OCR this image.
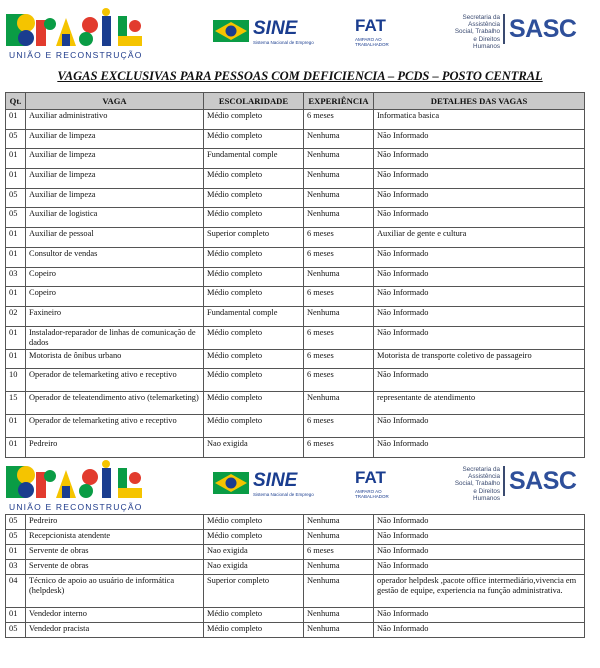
UNIÃO E RECONSTRUÇÃO
SINE
Sistema Nacional de Emprego
FAT
AMPARO AO TRABALHADOR
Secretaria da Assistência Social, Trabalho e Direitos Humanos
SASC
VAGAS EXCLUSIVAS PARA PESSOAS COM DEFICIENCIA – PCDS – POSTO CENTRAL
Qt.	VAGA	ESCOLARIDADE	EXPERIÊNCIA	DETALHES DAS VAGAS
01	Auxiliar administrativo	Médio completo	6 meses	Informatica basica
05	Auxiliar de limpeza	Médio completo	Nenhuma	Não Informado
01	Auxiliar de limpeza	Fundamental comple	Nenhuma	Não Informado
01	Auxiliar de limpeza	Médio completo	Nenhuma	Não Informado
05	Auxiliar de limpeza	Médio completo	Nenhuma	Não Informado
05	Auxiliar de logistica	Médio completo	Nenhuma	Não Informado
01	Auxiliar de pessoal	Superior completo	6 meses	Auxiliar de gente e cultura
01	Consultor de vendas	Médio completo	6 meses	Não Informado
03	Copeiro	Médio completo	Nenhuma	Não Informado
01	Copeiro	Médio completo	6 meses	Não Informado
02	Faxineiro	Fundamental comple	Nenhuma	Não Informado
01	Instalador-reparador de linhas de comunicação de dados	Médio completo	6 meses	Não Informado
01	Motorista de ônibus urbano	Médio completo	6 meses	Motorista de transporte coletivo de passageiro
10	Operador de telemarketing ativo e receptivo	Médio completo	6 meses	Não Informado
15	Operador de teleatendimento ativo (telemarketing)	Médio completo	Nenhuma	representante de atendimento
01	Operador de telemarketing ativo e receptivo	Médio completo	6 meses	Não Informado
01	Pedreiro	Nao exigida	6 meses	Não Informado
UNIÃO E RECONSTRUÇÃO
SINE
Sistema Nacional de Emprego
FAT
AMPARO AO TRABALHADOR
Secretaria da Assistência Social, Trabalho e Direitos Humanos
SASC
05	Pedreiro	Médio completo	Nenhuma	Não Informado
05	Recepcionista atendente	Médio completo	Nenhuma	Não Informado
01	Servente de obras	Nao exigida	6 meses	Não Informado
03	Servente de obras	Nao exigida	Nenhuma	Não Informado
04	Técnico de apoio ao usuário de informática (helpdesk)	Superior completo	Nenhuma	operador helpdesk ,pacote office intermediário,vivencia em gestão de equipe, experiencia na função administrativa.
01	Vendedor interno	Médio completo	Nenhuma	Não Informado
05	Vendedor pracista	Médio completo	Nenhuma	Não Informado
